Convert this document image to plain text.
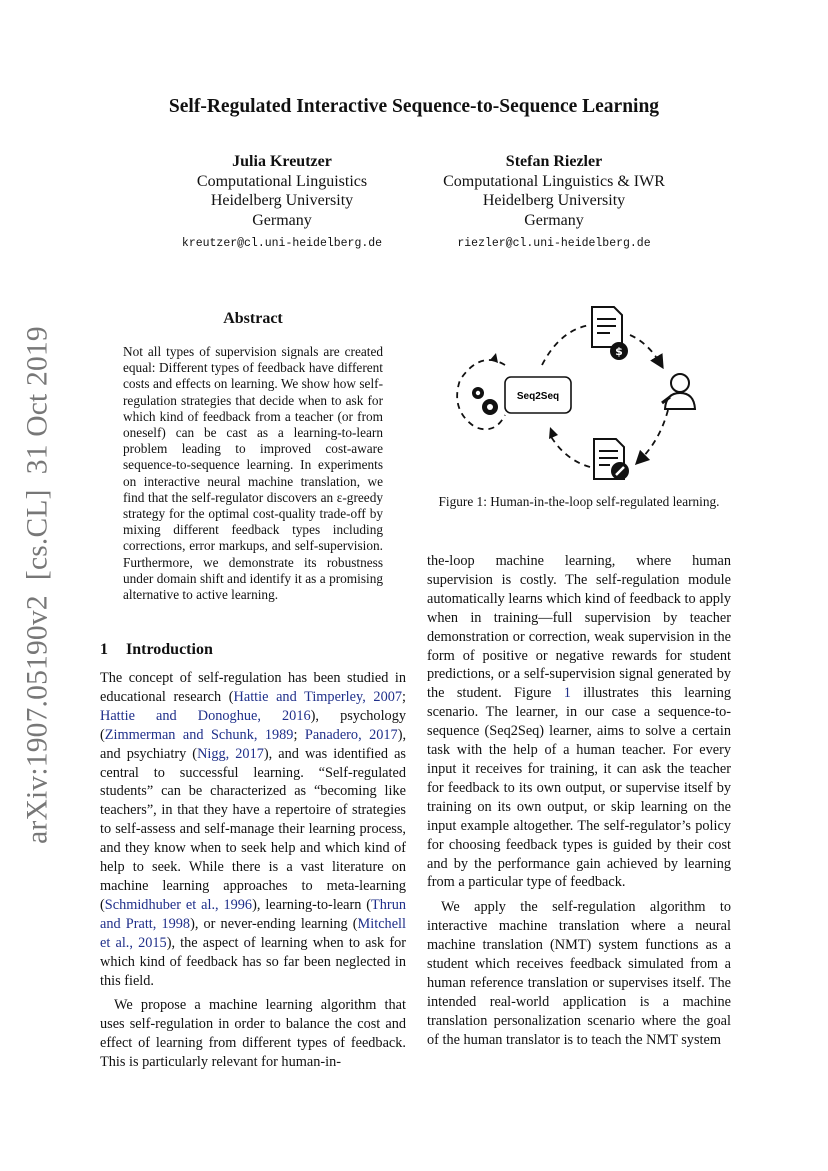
Self-Regulated Interactive Sequence-to-Sequence Learning
Julia Kreutzer
Computational Linguistics
Heidelberg University
Germany
kreutzer@cl.uni-heidelberg.de
Stefan Riezler
Computational Linguistics & IWR
Heidelberg University
Germany
riezler@cl.uni-heidelberg.de
arXiv:1907.05190v2  [cs.CL]  31 Oct 2019
Abstract
Not all types of supervision signals are created equal: Different types of feedback have different costs and effects on learning. We show how self-regulation strategies that decide when to ask for which kind of feedback from a teacher (or from oneself) can be cast as a learning-to-learn problem leading to improved cost-aware sequence-to-sequence learning. In experiments on interactive neural machine translation, we find that the self-regulator discovers an ε-greedy strategy for the optimal cost-quality trade-off by mixing different feedback types including corrections, error markups, and self-supervision. Furthermore, we demonstrate its robustness under domain shift and identify it as a promising alternative to active learning.
1 Introduction

The concept of self-regulation has been studied in educational research (Hattie and Timperley, 2007; Hattie and Donoghue, 2016), psychology (Zimmerman and Schunk, 1989; Panadero, 2017), and psychiatry (Nigg, 2017), and was identified as central to successful learning. “Self-regulated students” can be characterized as “becoming like teachers”, in that they have a repertoire of strategies to self-assess and self-manage their learning process, and they know when to seek help and which kind of help to seek. While there is a vast literature on machine learning approaches to meta-learning (Schmidhuber et al., 1996), learning-to-learn (Thrun and Pratt, 1998), or never-ending learning (Mitchell et al., 2015), the aspect of learning when to ask for which kind of feedback has so far been neglected in this field.

We propose a machine learning algorithm that uses self-regulation in order to balance the cost and effect of learning from different types of feedback. This is particularly relevant for human-in-

Seq2Seq
$
Figure 1: Human-in-the-loop self-regulated learning.

the-loop machine learning, where human supervision is costly. The self-regulation module automatically learns which kind of feedback to apply when in training—full supervision by teacher demonstration or correction, weak supervision in the form of positive or negative rewards for student predictions, or a self-supervision signal generated by the student. Figure 1 illustrates this learning scenario. The learner, in our case a sequence-to-sequence (Seq2Seq) learner, aims to solve a certain task with the help of a human teacher. For every input it receives for training, it can ask the teacher for feedback to its own output, or supervise itself by training on its own output, or skip learning on the input example altogether. The self-regulator’s policy for choosing feedback types is guided by their cost and by the performance gain achieved by learning from a particular type of feedback.

We apply the self-regulation algorithm to interactive machine translation where a neural machine translation (NMT) system functions as a student which receives feedback simulated from a human reference translation or supervises itself. The intended real-world application is a machine translation personalization scenario where the goal of the human translator is to teach the NMT system
